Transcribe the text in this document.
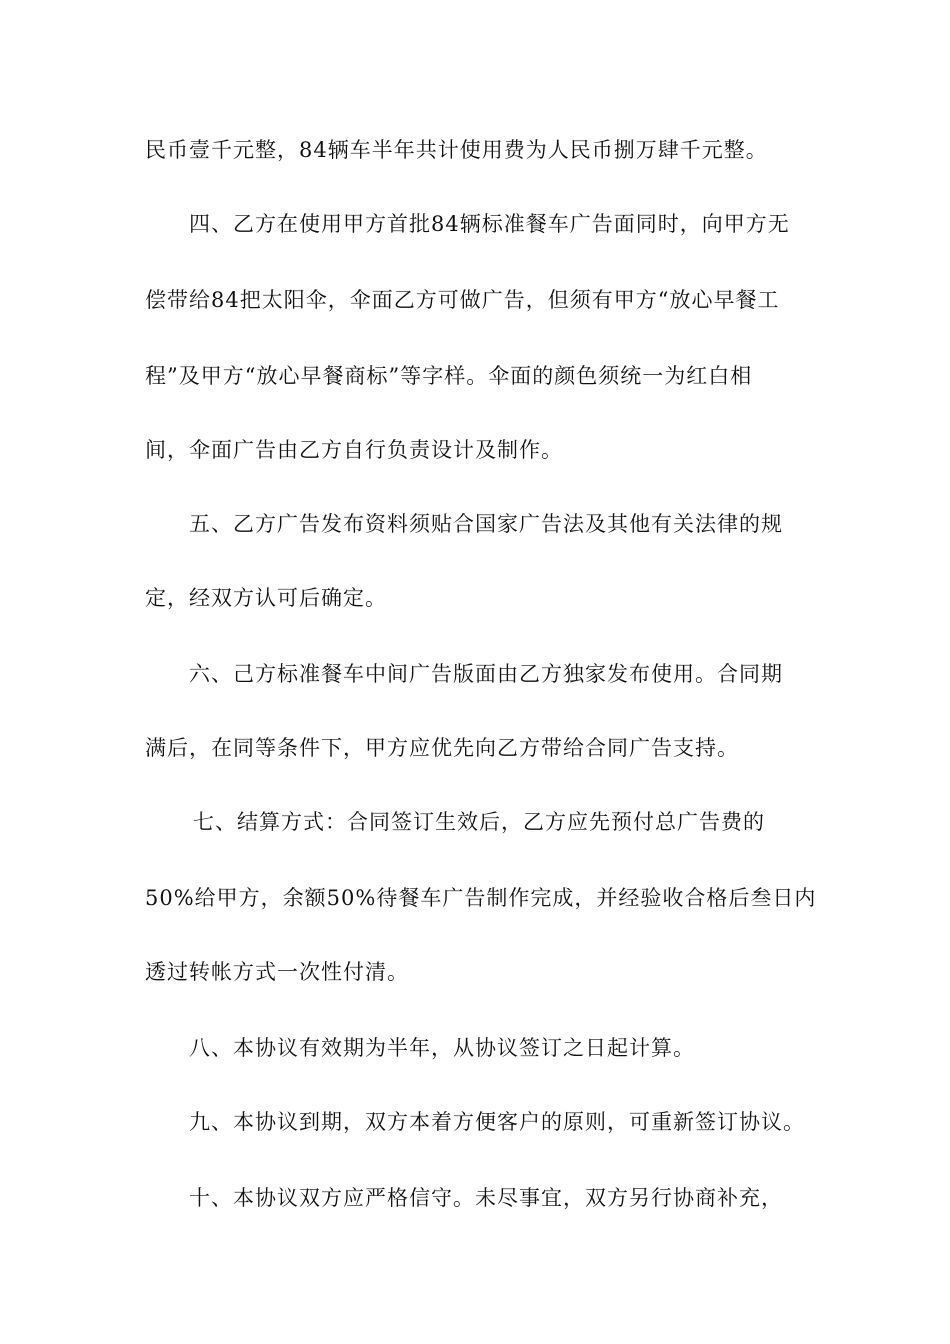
民币壹千元整，84辆车半年共计使用费为人民币捌万肆千元整。

四、乙方在使用甲方首批84辆标准餐车广告面同时，向甲方无

偿带给84把太阳伞，伞面乙方可做广告，但须有甲方“放心早餐工

程”及甲方“放心早餐商标”等字样。伞面的颜色须统一为红白相

间，伞面广告由乙方自行负责设计及制作。

五、乙方广告发布资料须贴合国家广告法及其他有关法律的规

定，经双方认可后确定。

六、己方标准餐车中间广告版面由乙方独家发布使用。合同期

满后，在同等条件下，甲方应优先向乙方带给合同广告支持。

七、结算方式：合同签订生效后，乙方应先预付总广告费的

50%给甲方，余额50%待餐车广告制作完成，并经验收合格后叁日内

透过转帐方式一次性付清。

八、本协议有效期为半年，从协议签订之日起计算。

九、本协议到期，双方本着方便客户的原则，可重新签订协议。

十、本协议双方应严格信守。未尽事宜，双方另行协商补充，
